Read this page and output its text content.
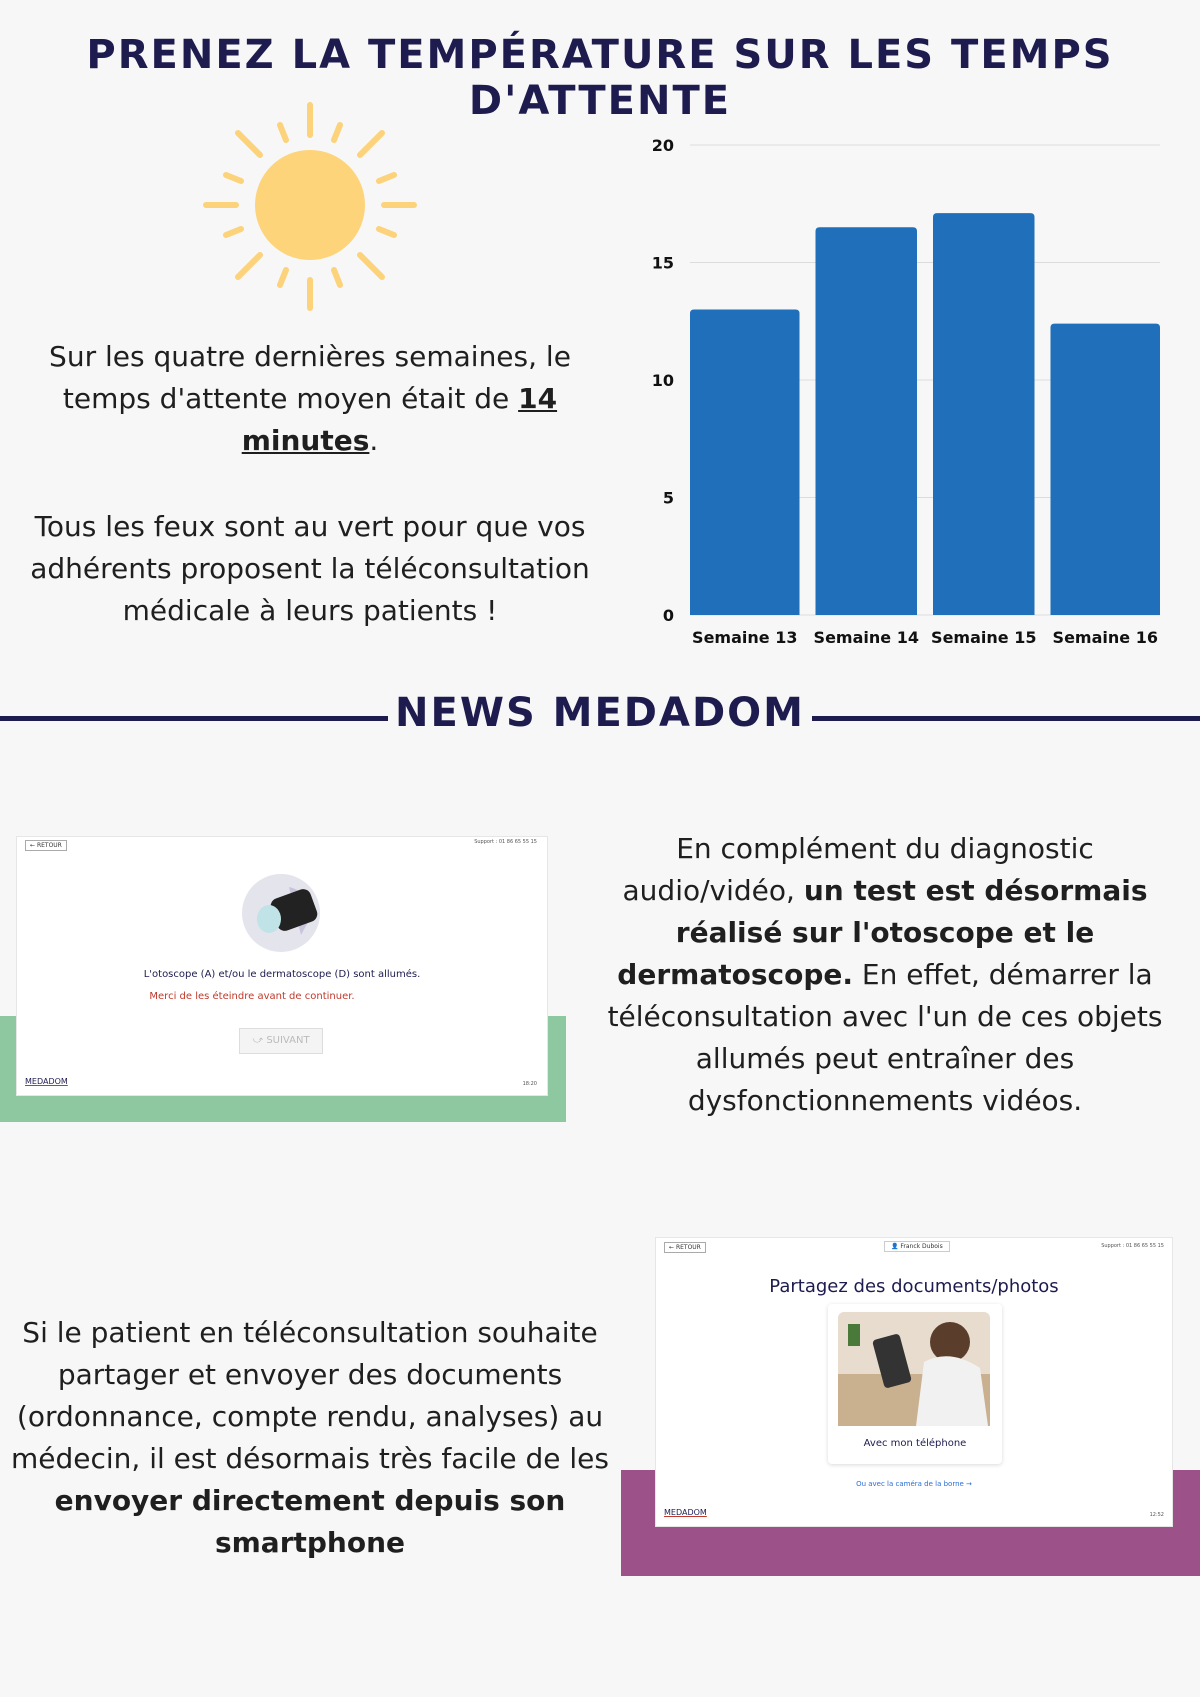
PRENEZ LA TEMPÉRATURE SUR LES TEMPS D'ATTENTE
Sur les quatre dernières semaines, le temps d'attente moyen était de 14 minutes.
Tous les feux sont au vert pour que vos adhérents proposent la téléconsultation médicale à leurs patients !	0
5
10
15
20
Semaine 13 Semaine 14 Semaine 15 Semaine 16
NEWS MEDADOM
← RETOUR	Support : 01 86 65 55 15
L'otoscope (A) et/ou le dermatoscope (D) sont allumés.
Merci de les éteindre avant de continuer.
⤻ SUIVANT
MEDADOM	18:20
En complément du diagnostic audio/vidéo, un test est désormais réalisé sur l'otoscope et le dermatoscope. En effet, démarrer la téléconsultation avec l'un de ces objets allumés peut entraîner des dysfonctionnements vidéos.
Si le patient en téléconsultation souhaite partager et envoyer des documents (ordonnance, compte rendu, analyses) au médecin, il est désormais très facile de les envoyer directement depuis son smartphone
← RETOUR	👤 Franck Dubois	Support : 01 86 65 55 15
Partagez des documents/photos
Avec mon téléphone
Ou avec la caméra de la borne →
MEDADOM	12:52
